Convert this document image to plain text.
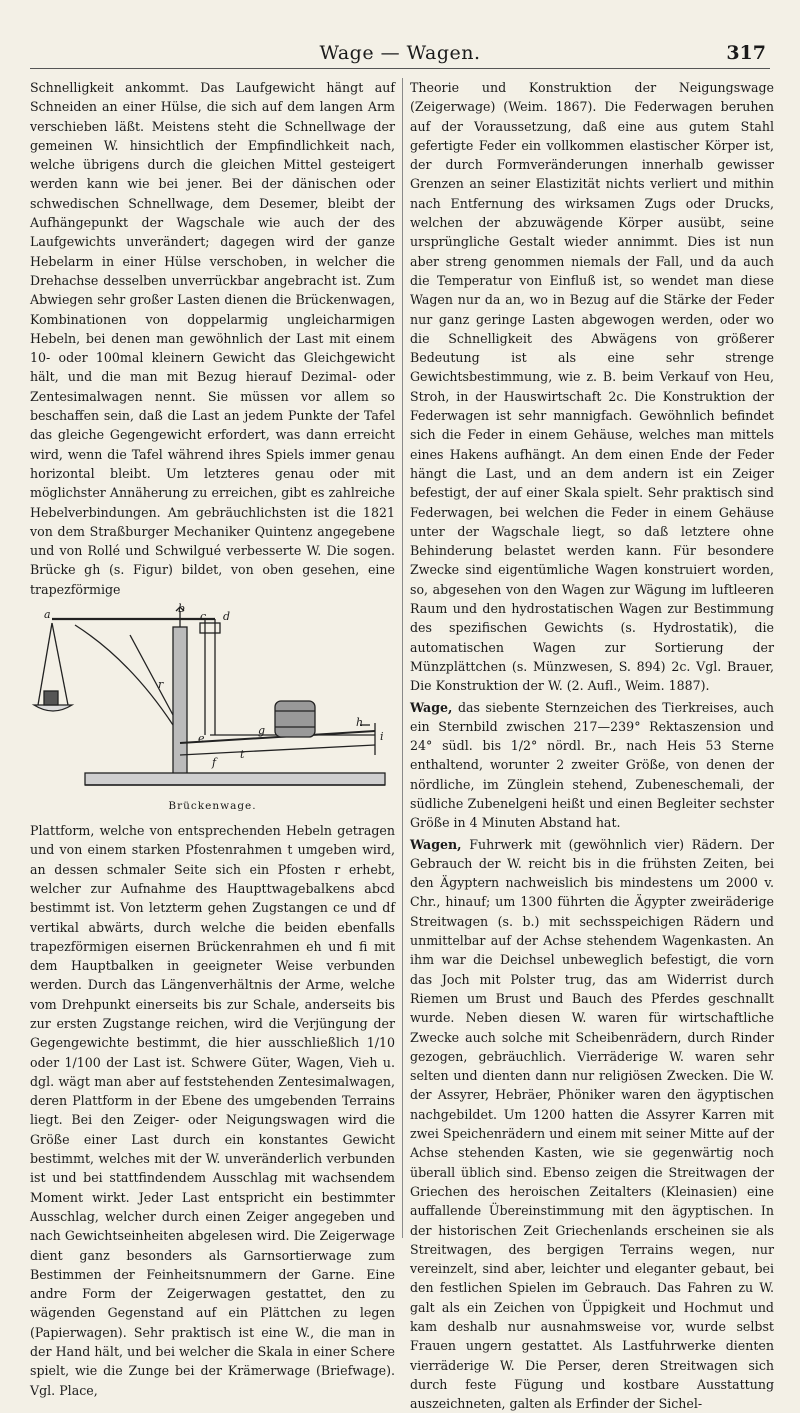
Wage — Wagen.	317

Schnelligkeit ankommt. Das Laufgewicht hängt auf Schneiden an einer Hülse, die sich auf dem langen Arm verschieben läßt. Meistens steht die Schnellwage der gemeinen W. hinsichtlich der Empfindlichkeit nach, welche übrigens durch die gleichen Mittel gesteigert werden kann wie bei jener. Bei der dänischen oder schwedischen Schnellwage, dem Desemer, bleibt der Aufhängepunkt der Wagschale wie auch der des Laufgewichts unverändert; dagegen wird der ganze Hebelarm in einer Hülse verschoben, in welcher die Drehachse desselben unverrückbar angebracht ist. Zum Abwiegen sehr großer Lasten dienen die Brückenwagen, Kombinationen von doppelarmig ungleicharmigen Hebeln, bei denen man gewöhnlich der Last mit einem 10- oder 100mal kleinern Gewicht das Gleichgewicht hält, und die man mit Bezug hierauf Dezimal- oder Zentesimalwagen nennt. Sie müssen vor allem so beschaffen sein, daß die Last an jedem Punkte der Tafel das gleiche Gegengewicht erfordert, was dann erreicht wird, wenn die Tafel während ihres Spiels immer genau horizontal bleibt. Um letzteres genau oder mit möglichster Annäherung zu erreichen, gibt es zahlreiche Hebelverbindungen. Am gebräuchlichsten ist die 1821 von dem Straßburger Mechaniker Quintenz angegebene und von Rollé und Schwilgué verbesserte W. Die sogen. Brücke gh (s. Figur) bildet, von oben gesehen, eine trapezförmige

a	b
c d
r
e
f
g
h
i
t
Brückenwage.

Plattform, welche von entsprechenden Hebeln getragen und von einem starken Pfostenrahmen t umgeben wird, an dessen schmaler Seite sich ein Pfosten r erhebt, welcher zur Aufnahme des Haupttwagebalkens abcd bestimmt ist. Von letzterm gehen Zugstangen ce und df vertikal abwärts, durch welche die beiden ebenfalls trapezförmigen eisernen Brückenrahmen eh und fi mit dem Hauptbalken in geeigneter Weise verbunden werden. Durch das Längenverhältnis der Arme, welche vom Drehpunkt einerseits bis zur Schale, anderseits bis zur ersten Zugstange reichen, wird die Verjüngung der Gegengewichte bestimmt, die hier ausschließlich 1/10 oder 1/100 der Last ist. Schwere Güter, Wagen, Vieh u. dgl. wägt man aber auf feststehenden Zentesimalwagen, deren Plattform in der Ebene des umgebenden Terrains liegt. Bei den Zeiger- oder Neigungswagen wird die Größe einer Last durch ein konstantes Gewicht bestimmt, welches mit der W. unveränderlich verbunden ist und bei stattfindendem Ausschlag mit wachsendem Moment wirkt. Jeder Last entspricht ein bestimmter Ausschlag, welcher durch einen Zeiger angegeben und nach Gewichtseinheiten abgelesen wird. Die Zeigerwage dient ganz besonders als Garnsortierwage zum Bestimmen der Feinheitsnummern der Garne. Eine andre Form der Zeigerwagen gestattet, den zu wägenden Gegenstand auf ein Plättchen zu legen (Papierwagen). Sehr praktisch ist eine W., die man in der Hand hält, und bei welcher die Skala in einer Schere spielt, wie die Zunge bei der Krämerwage (Briefwage). Vgl. Place,

Theorie und Konstruktion der Neigungswage (Zeigerwage) (Weim. 1867). Die Federwagen beruhen auf der Voraussetzung, daß eine aus gutem Stahl gefertigte Feder ein vollkommen elastischer Körper ist, der durch Formveränderungen innerhalb gewisser Grenzen an seiner Elastizität nichts verliert und mithin nach Entfernung des wirksamen Zugs oder Drucks, welchen der abzuwägende Körper ausübt, seine ursprüngliche Gestalt wieder annimmt. Dies ist nun aber streng genommen niemals der Fall, und da auch die Temperatur von Einfluß ist, so wendet man diese Wagen nur da an, wo in Bezug auf die Stärke der Feder nur ganz geringe Lasten abgewogen werden, oder wo die Schnelligkeit des Abwägens von größerer Bedeutung ist als eine sehr strenge Gewichtsbestimmung, wie z. B. beim Verkauf von Heu, Stroh, in der Hauswirtschaft 2c. Die Konstruktion der Federwagen ist sehr mannigfach. Gewöhnlich befindet sich die Feder in einem Gehäuse, welches man mittels eines Hakens aufhängt. An dem einen Ende der Feder hängt die Last, und an dem andern ist ein Zeiger befestigt, der auf einer Skala spielt. Sehr praktisch sind Federwagen, bei welchen die Feder in einem Gehäuse unter der Wagschale liegt, so daß letztere ohne Behinderung belastet werden kann. Für besondere Zwecke sind eigentümliche Wagen konstruiert worden, so, abgesehen von den Wagen zur Wägung im luftleeren Raum und den hydrostatischen Wagen zur Bestimmung des spezifischen Gewichts (s. Hydrostatik), die automatischen Wagen zur Sortierung der Münzplättchen (s. Münzwesen, S. 894) 2c. Vgl. Brauer, Die Konstruktion der W. (2. Aufl., Weim. 1887).

Wage, das siebente Sternzeichen des Tierkreises, auch ein Sternbild zwischen 217—239° Rektaszension und 24° südl. bis 1/2° nördl. Br., nach Heis 53 Sterne enthaltend, worunter 2 zweiter Größe, von denen der nördliche, im Zünglein stehend, Zubeneschemali, der südliche Zubenelgeni heißt und einen Begleiter sechster Größe in 4 Minuten Abstand hat.

Wagen, Fuhrwerk mit (gewöhnlich vier) Rädern. Der Gebrauch der W. reicht bis in die frühsten Zeiten, bei den Ägyptern nachweislich bis mindestens um 2000 v. Chr., hinauf; um 1300 führten die Ägypter zweiräderige Streitwagen (s. b.) mit sechsspeichigen Rädern und unmittelbar auf der Achse stehendem Wagenkasten. An ihm war die Deichsel unbeweglich befestigt, die vorn das Joch mit Polster trug, das am Widerrist durch Riemen um Brust und Bauch des Pferdes geschnallt wurde. Neben diesen W. waren für wirtschaftliche Zwecke auch solche mit Scheibenrädern, durch Rinder gezogen, gebräuchlich. Vierräderige W. waren sehr selten und dienten dann nur religiösen Zwecken. Die W. der Assyrer, Hebräer, Phöniker waren den ägyptischen nachgebildet. Um 1200 hatten die Assyrer Karren mit zwei Speichenrädern und einem mit seiner Mitte auf der Achse stehenden Kasten, wie sie gegenwärtig noch überall üblich sind. Ebenso zeigen die Streitwagen der Griechen des heroischen Zeitalters (Kleinasien) eine auffallende Übereinstimmung mit den ägyptischen. In der historischen Zeit Griechenlands erscheinen sie als Streitwagen, des bergigen Terrains wegen, nur vereinzelt, sind aber, leichter und eleganter gebaut, bei den festlichen Spielen im Gebrauch. Das Fahren zu W. galt als ein Zeichen von Üppigkeit und Hochmut und kam deshalb nur ausnahmsweise vor, wurde selbst Frauen ungern gestattet. Als Lastfuhrwerke dienten vierräderige W. Die Perser, deren Streitwagen sich durch feste Fügung und kostbare Ausstattung auszeichneten, galten als Erfinder der Sichel-
